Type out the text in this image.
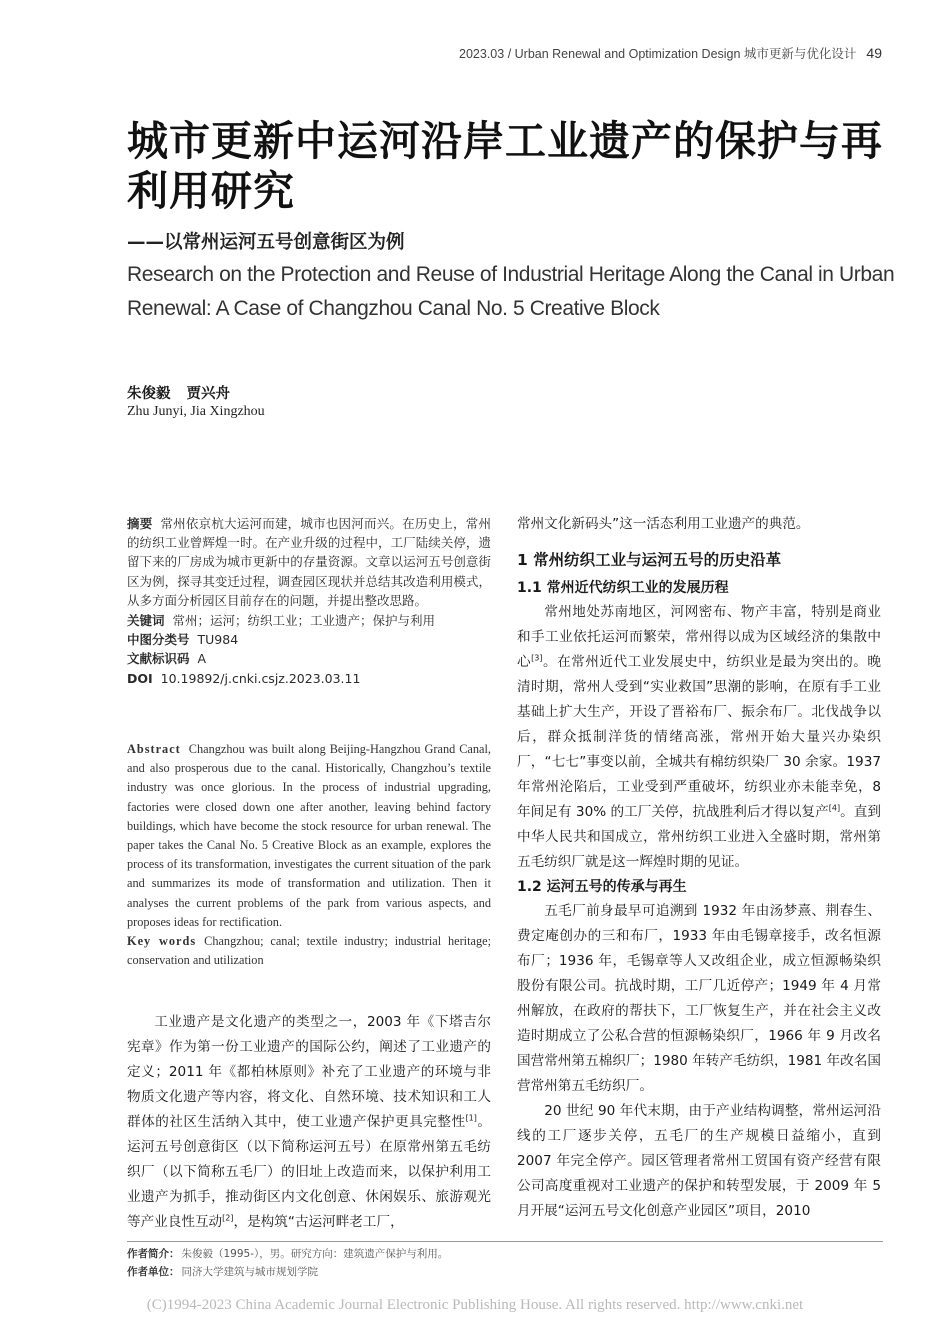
2023.03 / Urban Renewal and Optimization Design 城市更新与优化设计 49
城市更新中运河沿岸工业遗产的保护与再利用研究
——以常州运河五号创意街区为例
Research on the Protection and Reuse of Industrial Heritage Along the Canal in Urban Renewal: A Case of Changzhou Canal No. 5 Creative Block
朱俊毅 贾兴舟
Zhu Junyi, Jia Xingzhou
摘要 常州依京杭大运河而建，城市也因河而兴。在历史上，常州的纺织工业曾辉煌一时。在产业升级的过程中，工厂陆续关停，遗留下来的厂房成为城市更新中的存量资源。文章以运河五号创意街区为例，探寻其变迁过程，调查园区现状并总结其改造利用模式，从多方面分析园区目前存在的问题，并提出整改思路。
关键词 常州；运河；纺织工业；工业遗产；保护与利用
中图分类号 TU984
文献标识码 A
DOI 10.19892/j.cnki.csjz.2023.03.11
Abstract Changzhou was built along Beijing-Hangzhou Grand Canal, and also prosperous due to the canal. Historically, Changzhou’s textile industry was once glorious. In the process of industrial upgrading, factories were closed down one after another, leaving behind factory buildings, which have become the stock resource for urban renewal. The paper takes the Canal No. 5 Creative Block as an example, explores the process of its transformation, investigates the current situation of the park and summarizes its mode of transformation and utilization. Then it analyses the current problems of the park from various aspects, and proposes ideas for rectification.
Key words Changzhou; canal; textile industry; industrial heritage; conservation and utilization

工业遗产是文化遗产的类型之一，2003 年《下塔吉尔宪章》作为第一份工业遗产的国际公约，阐述了工业遗产的定义；2011 年《都柏林原则》补充了工业遗产的环境与非物质文化遗产等内容，将文化、自然环境、技术知识和工人群体的社区生活纳入其中，使工业遗产保护更具完整性[1]。运河五号创意街区（以下简称运河五号）在原常州第五毛纺织厂（以下简称五毛厂）的旧址上改造而来，以保护利用工业遗产为抓手，推动街区内文化创意、休闲娱乐、旅游观光等产业良性互动[2]，是构筑“古运河畔老工厂，

常州文化新码头”这一活态利用工业遗产的典范。

1 常州纺织工业与运河五号的历史沿革
1.1 常州近代纺织工业的发展历程

常州地处苏南地区，河网密布、物产丰富，特别是商业和手工业依托运河而繁荣，常州得以成为区域经济的集散中心[3]。在常州近代工业发展史中，纺织业是最为突出的。晚清时期，常州人受到“实业救国”思潮的影响，在原有手工业基础上扩大生产，开设了晋裕布厂、振余布厂。北伐战争以后，群众抵制洋货的情绪高涨，常州开始大量兴办染织厂，“七七”事变以前，全城共有棉纺织染厂 30 余家。1937 年常州沦陷后，工业受到严重破坏，纺织业亦未能幸免，8 年间足有 30% 的工厂关停，抗战胜利后才得以复产[4]。直到中华人民共和国成立，常州纺织工业进入全盛时期，常州第五毛纺织厂就是这一辉煌时期的见证。

1.2 运河五号的传承与再生

五毛厂前身最早可追溯到 1932 年由汤梦熹、荆春生、费定庵创办的三和布厂，1933 年由毛锡章接手，改名恒源布厂；1936 年，毛锡章等人又改组企业，成立恒源畅染织股份有限公司。抗战时期，工厂几近停产；1949 年 4 月常州解放，在政府的帮扶下，工厂恢复生产，并在社会主义改造时期成立了公私合营的恒源畅染织厂，1966 年 9 月改名国营常州第五棉织厂；1980 年转产毛纺织，1981 年改名国营常州第五毛纺织厂。

20 世纪 90 年代末期，由于产业结构调整，常州运河沿线的工厂逐步关停，五毛厂的生产规模日益缩小，直到 2007 年完全停产。园区管理者常州工贸国有资产经营有限公司高度重视对工业遗产的保护和转型发展，于 2009 年 5 月开展“运河五号文化创意产业园区”项目，2010

作者简介： 朱俊毅（1995-），男。研究方向：建筑遗产保护与利用。
作者单位： 同济大学建筑与城市规划学院
(C)1994-2023 China Academic Journal Electronic Publishing House. All rights reserved. http://www.cnki.net
